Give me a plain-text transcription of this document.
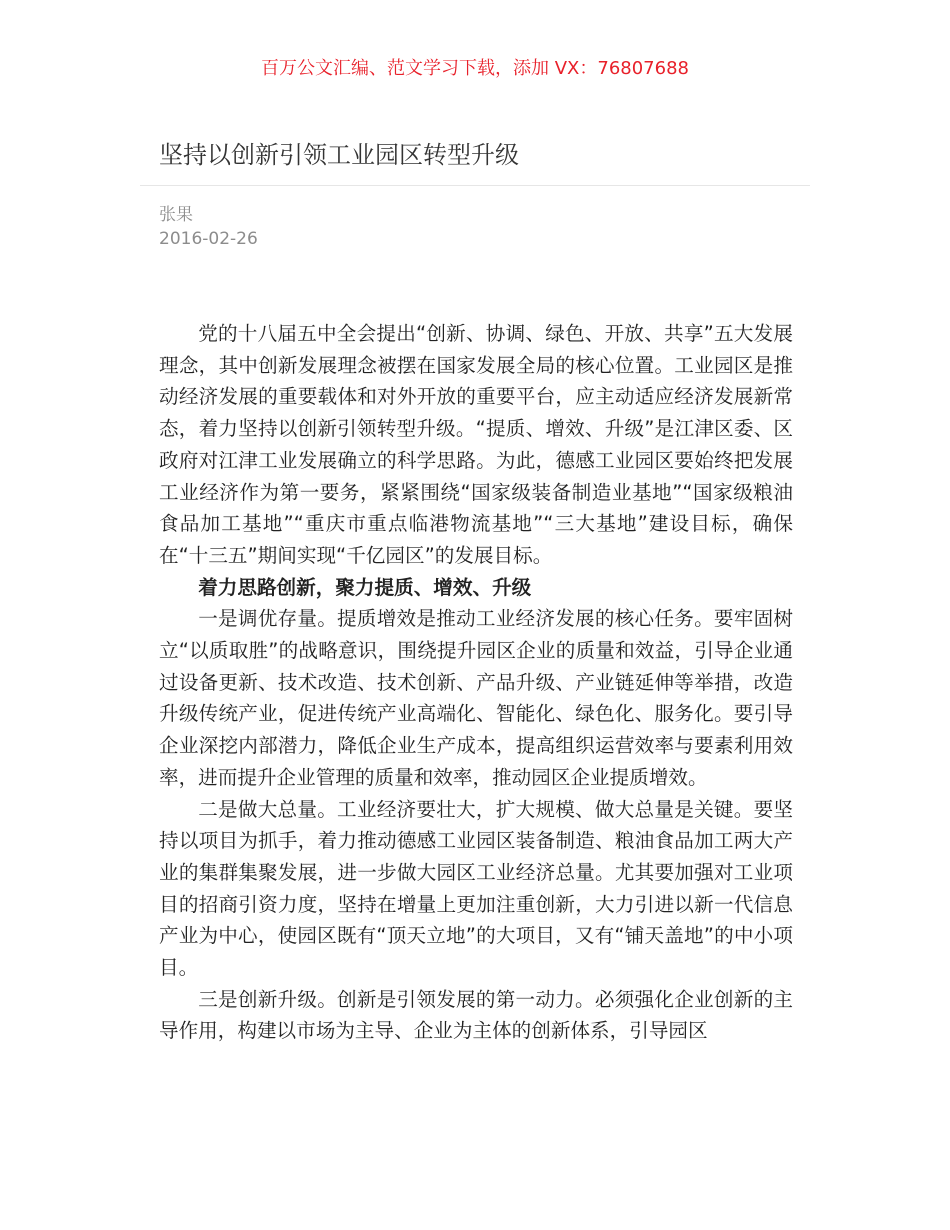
百万公文汇编、范文学习下载，添加 VX：76807688
坚持以创新引领工业园区转型升级
张果
2016-02-26

党的十八届五中全会提出“创新、协调、绿色、开放、共享”五大发展理念，其中创新发展理念被摆在国家发展全局的核心位置。工业园区是推动经济发展的重要载体和对外开放的重要平台，应主动适应经济发展新常态，着力坚持以创新引领转型升级。“提质、增效、升级”是江津区委、区政府对江津工业发展确立的科学思路。为此，德感工业园区要始终把发展工业经济作为第一要务，紧紧围绕“国家级装备制造业基地”“国家级粮油食品加工基地”“重庆市重点临港物流基地”“三大基地”建设目标，确保在“十三五”期间实现“千亿园区”的发展目标。

着力思路创新，聚力提质、增效、升级

一是调优存量。提质增效是推动工业经济发展的核心任务。要牢固树立“以质取胜”的战略意识，围绕提升园区企业的质量和效益，引导企业通过设备更新、技术改造、技术创新、产品升级、产业链延伸等举措，改造升级传统产业，促进传统产业高端化、智能化、绿色化、服务化。要引导企业深挖内部潜力，降低企业生产成本，提高组织运营效率与要素利用效率，进而提升企业管理的质量和效率，推动园区企业提质增效。

二是做大总量。工业经济要壮大，扩大规模、做大总量是关键。要坚持以项目为抓手，着力推动德感工业园区装备制造、粮油食品加工两大产业的集群集聚发展，进一步做大园区工业经济总量。尤其要加强对工业项目的招商引资力度，坚持在增量上更加注重创新，大力引进以新一代信息产业为中心，使园区既有“顶天立地”的大项目，又有“铺天盖地”的中小项目。

三是创新升级。创新是引领发展的第一动力。必须强化企业创新的主导作用，构建以市场为主导、企业为主体的创新体系，引导园区
